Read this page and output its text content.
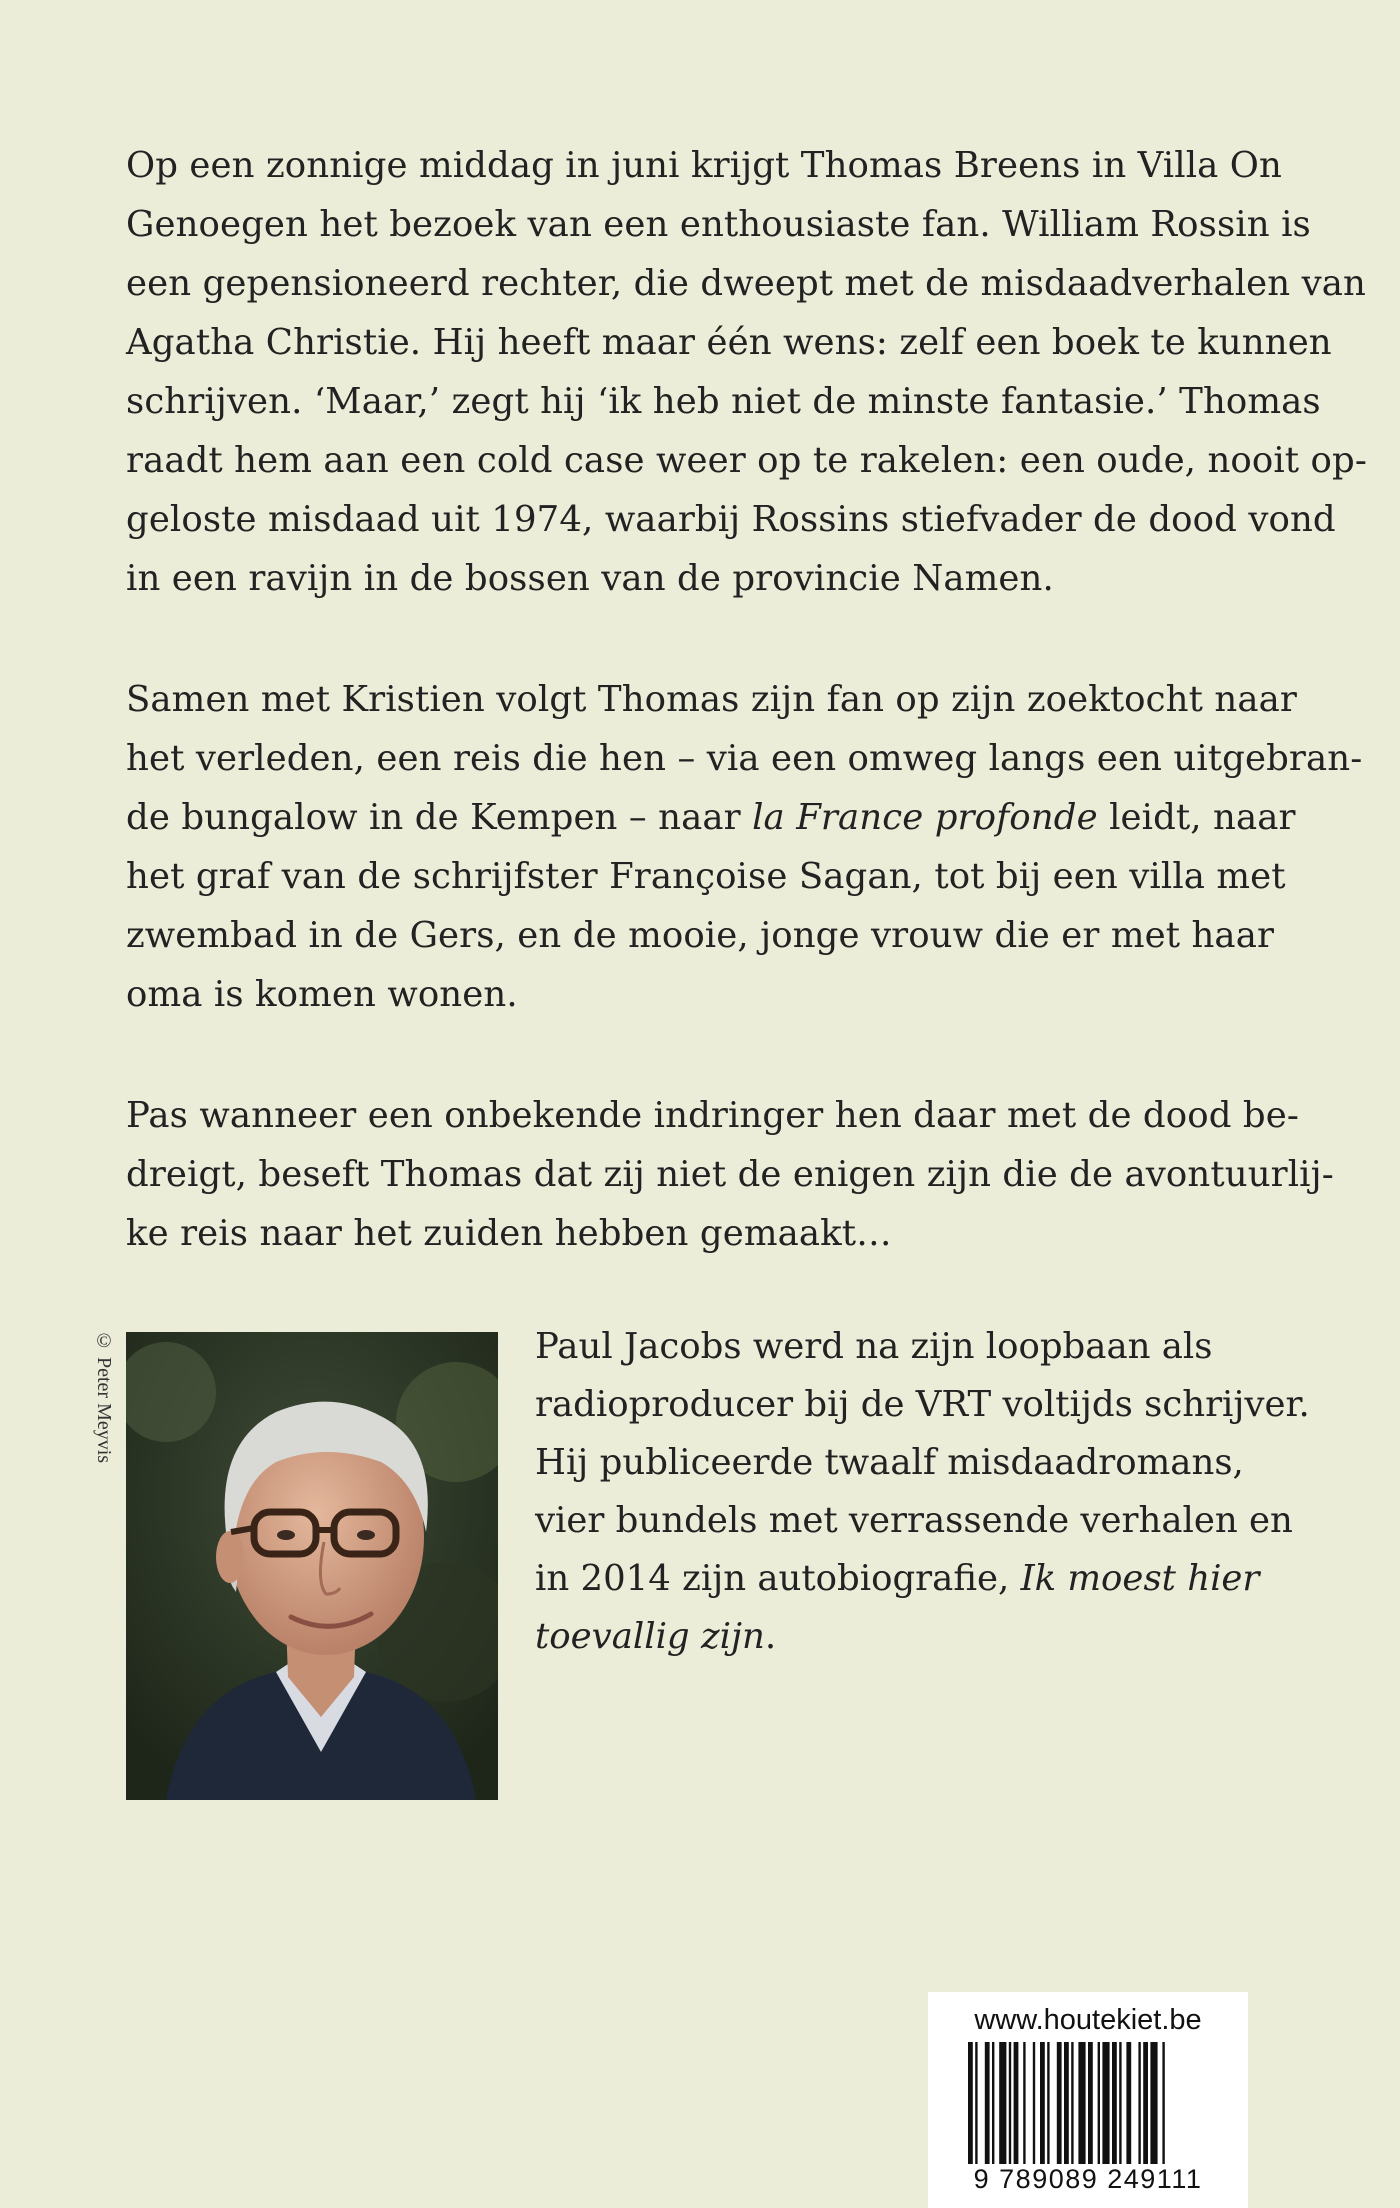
Op een zonnige middag in juni krijgt Thomas Breens in Villa On
Genoegen het bezoek van een enthousiaste fan. William Rossin is
een gepensioneerd rechter, die dweept met de misdaadverhalen van
Agatha Christie. Hij heeft maar één wens: zelf een boek te kunnen
schrijven. ‘Maar,’ zegt hij ‘ik heb niet de minste fantasie.’ Thomas
raadt hem aan een cold case weer op te rakelen: een oude, nooit op-
geloste misdaad uit 1974, waarbij Rossins stiefvader de dood vond
in een ravijn in de bossen van de provincie Namen.

Samen met Kristien volgt Thomas zijn fan op zijn zoektocht naar
het verleden, een reis die hen – via een omweg langs een uitgebran-
de bungalow in de Kempen – naar la France profonde leidt, naar
het graf van de schrijfster Françoise Sagan, tot bij een villa met
zwembad in de Gers, en de mooie, jonge vrouw die er met haar
oma is komen wonen.

Pas wanneer een onbekende indringer hen daar met de dood be-
dreigt, beseft Thomas dat zij niet de enigen zijn die de avontuurlij-
ke reis naar het zuiden hebben gemaakt…

© Peter Meyvis	Paul Jacobs werd na zijn loopbaan als
radioproducer bij de VRT voltijds schrijver.
Hij publiceerde twaalf misdaadromans,
vier bundels met verrassende verhalen en
in 2014 zijn autobiografie, Ik moest hier
toevallig zijn.
www.houtekiet.be
9 789089 249111
